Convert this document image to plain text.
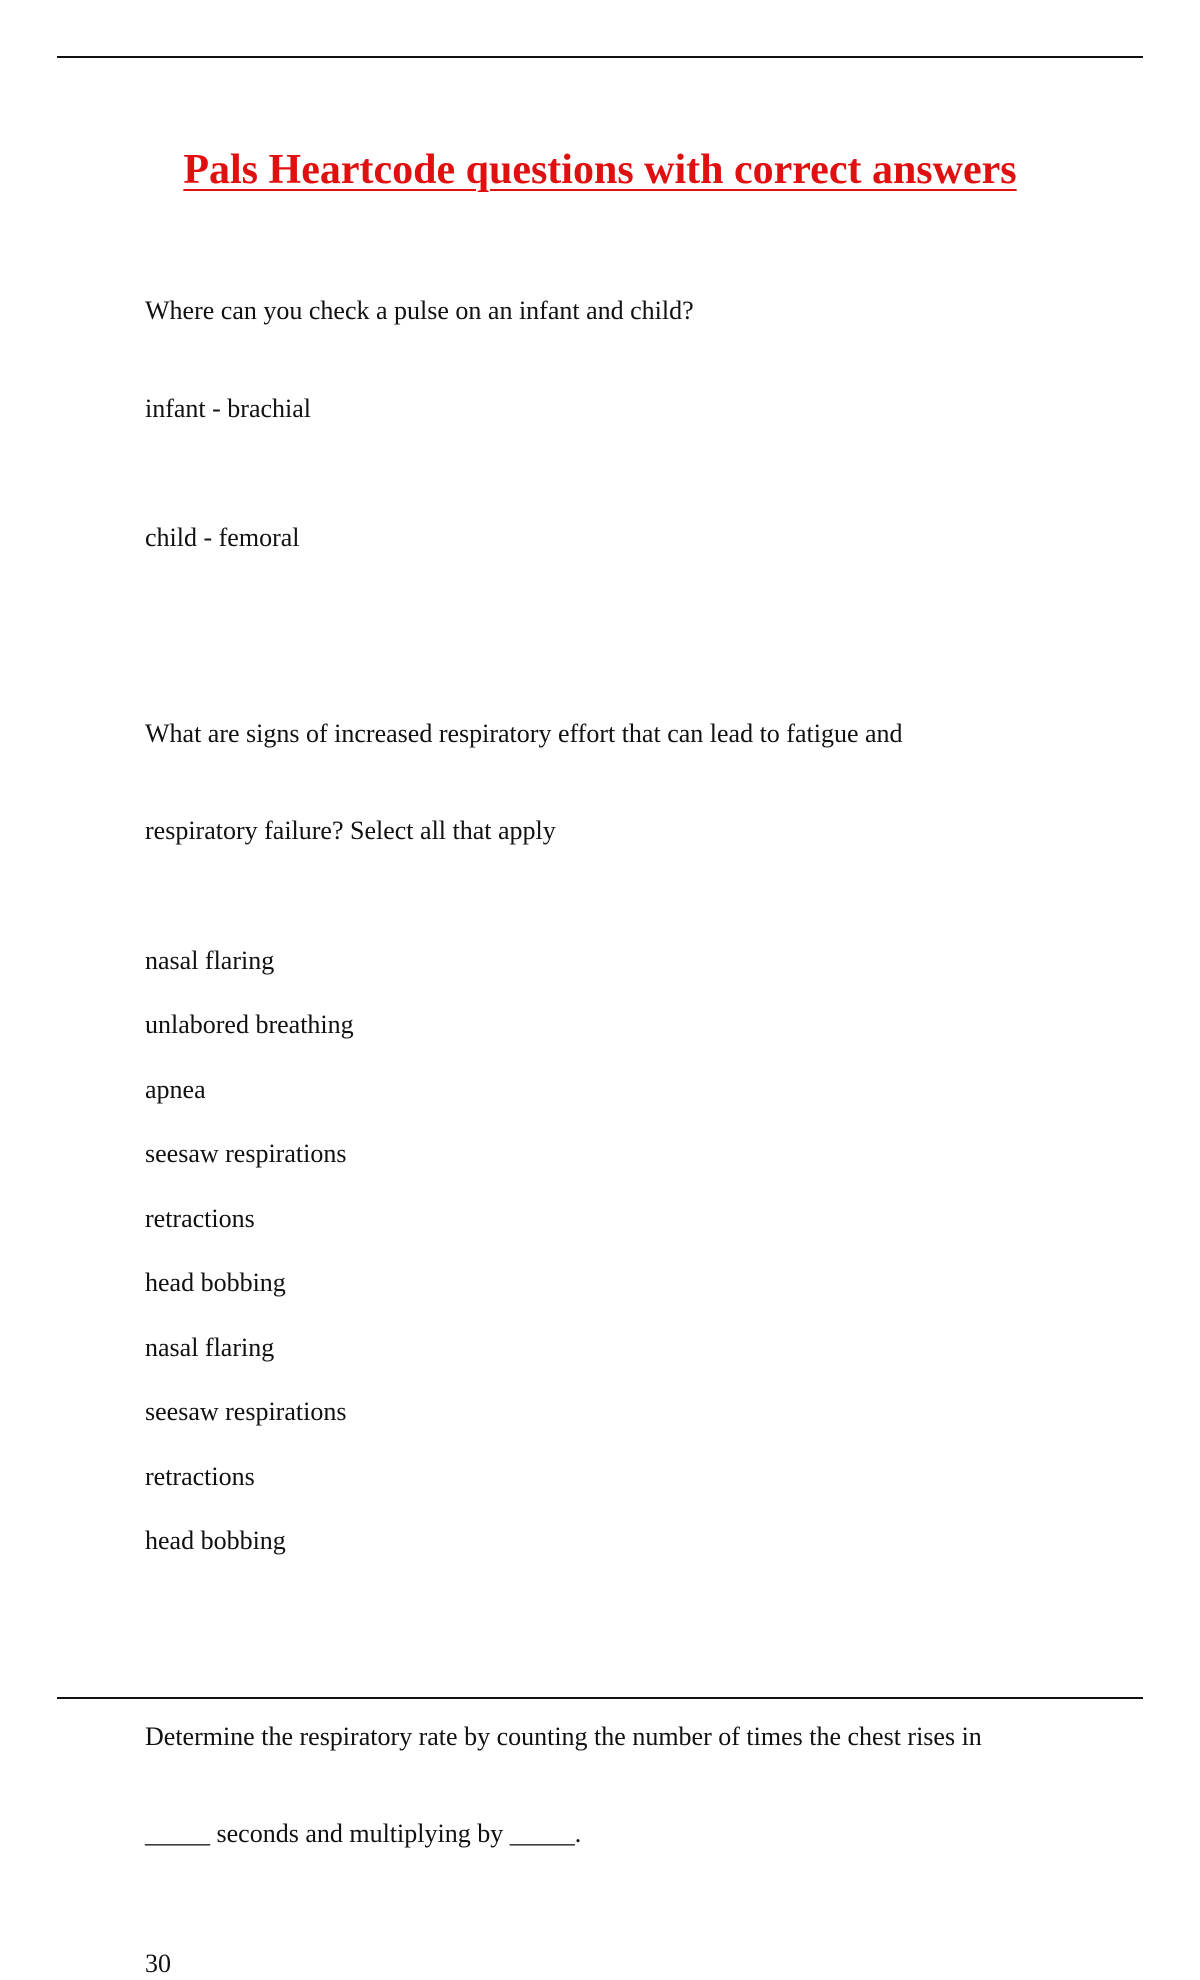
Pals Heartcode questions with correct answers

Where can you check a pulse on an infant and child?

infant - brachial

child - femoral

What are signs of increased respiratory effort that can lead to fatigue and

respiratory failure? Select all that apply

nasal flaring
unlabored breathing
apnea
seesaw respirations
retractions
head bobbing
nasal flaring
seesaw respirations
retractions
head bobbing

Determine the respiratory rate by counting the number of times the chest rises in

_____ seconds and multiplying by _____.

30
